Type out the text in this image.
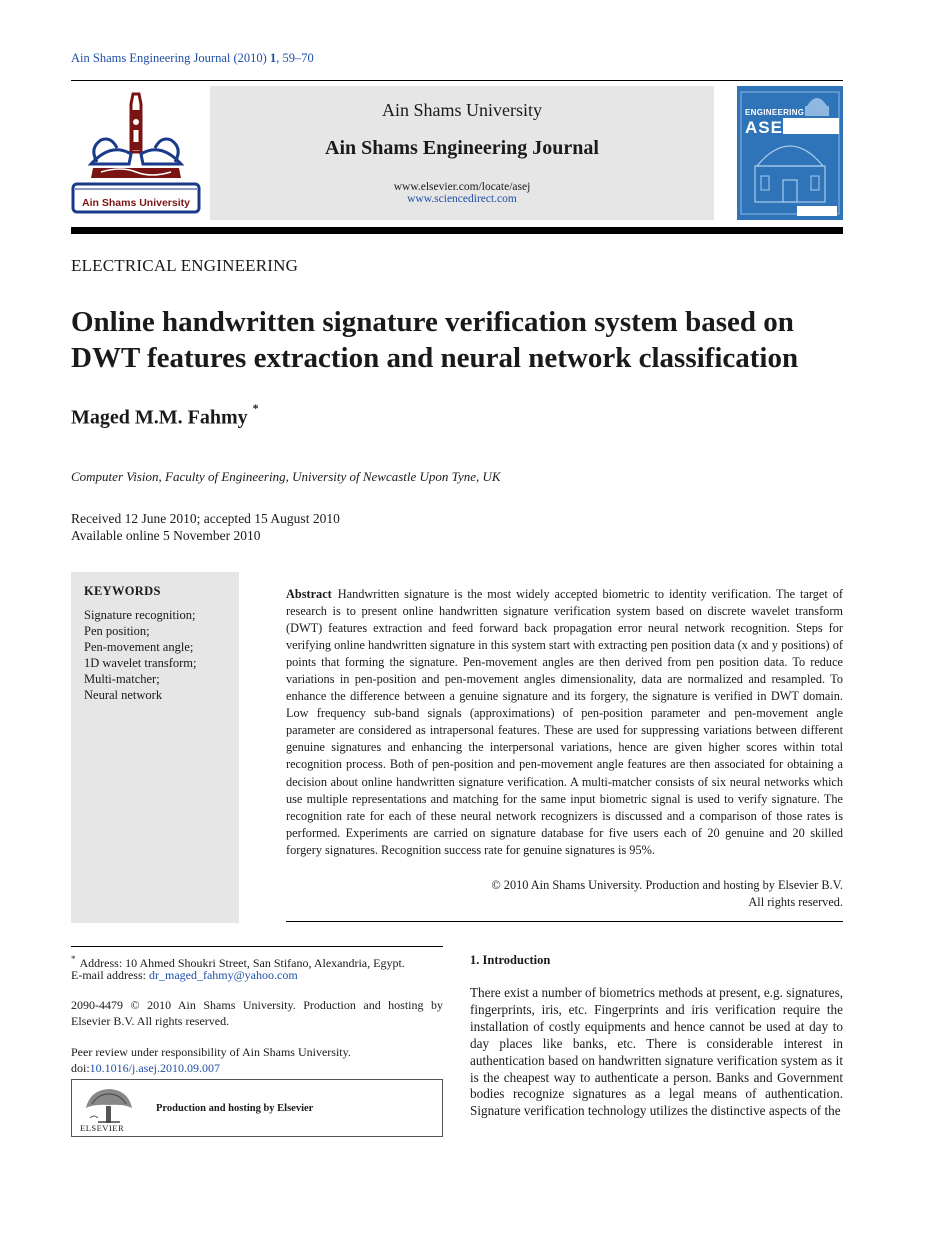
Ain Shams Engineering Journal (2010) 1, 59–70
Ain Shams University
Ain Shams University
Ain Shams Engineering Journal
www.elsevier.com/locate/asej
www.sciencedirect.com
ENGINEERING
ASEJ
ELECTRICAL ENGINEERING
Online handwritten signature verification system based on DWT features extraction and neural network classification
Maged M.M. Fahmy *
Computer Vision, Faculty of Engineering, University of Newcastle Upon Tyne, UK
Received 12 June 2010; accepted 15 August 2010
Available online 5 November 2010
KEYWORDS
Signature recognition;
Pen position;
Pen-movement angle;
1D wavelet transform;
Multi-matcher;
Neural network
Abstract Handwritten signature is the most widely accepted biometric to identity verification. The target of research is to present online handwritten signature verification system based on discrete wavelet transform (DWT) features extraction and feed forward back propagation error neural network recognition. Steps for verifying online handwritten signature in this system start with extracting pen position data (x and y positions) of points that forming the signature. Pen-movement angles are then derived from pen position data. To reduce variations in pen-position and pen-movement angles dimensionality, data are normalized and resampled. To enhance the difference between a genuine signature and its forgery, the signature is verified in DWT domain. Low frequency sub-band signals (approximations) of pen-position parameter and pen-movement angle parameter are considered as intrapersonal features. These are used for suppressing variations between different genuine signatures and enhancing the interpersonal variations, hence are given higher scores within total recognition process. Both of pen-position and pen-movement angle features are then associated for obtaining a decision about online handwritten signature verification. A multi-matcher consists of six neural networks which use multiple representations and matching for the same input biometric signal is used to verify signature. The recognition rate for each of these neural network recognizers is discussed and a comparison of those rates is performed. Experiments are carried on signature database for five users each of 20 genuine and 20 skilled forgery signatures. Recognition success rate for genuine signatures is 95%.
© 2010 Ain Shams University. Production and hosting by Elsevier B.V.
All rights reserved.
* Address: 10 Ahmed Shoukri Street, San Stifano, Alexandria, Egypt.
E-mail address: dr_maged_fahmy@yahoo.com
2090-4479 © 2010 Ain Shams University. Production and hosting by Elsevier B.V. All rights reserved.
Peer review under responsibility of Ain Shams University.
doi:10.1016/j.asej.2010.09.007
ELSEVIER
Production and hosting by Elsevier
1. Introduction
There exist a number of biometrics methods at present, e.g. signatures, fingerprints, iris, etc. Fingerprints and iris verification require the installation of costly equipments and hence cannot be used at day to day places like banks, etc. There is considerable interest in authentication based on handwritten signature verification system as it is the cheapest way to authenticate a person. Banks and Government bodies recognize signatures as a legal means of authentication. Signature verification technology utilizes the distinctive aspects of the
